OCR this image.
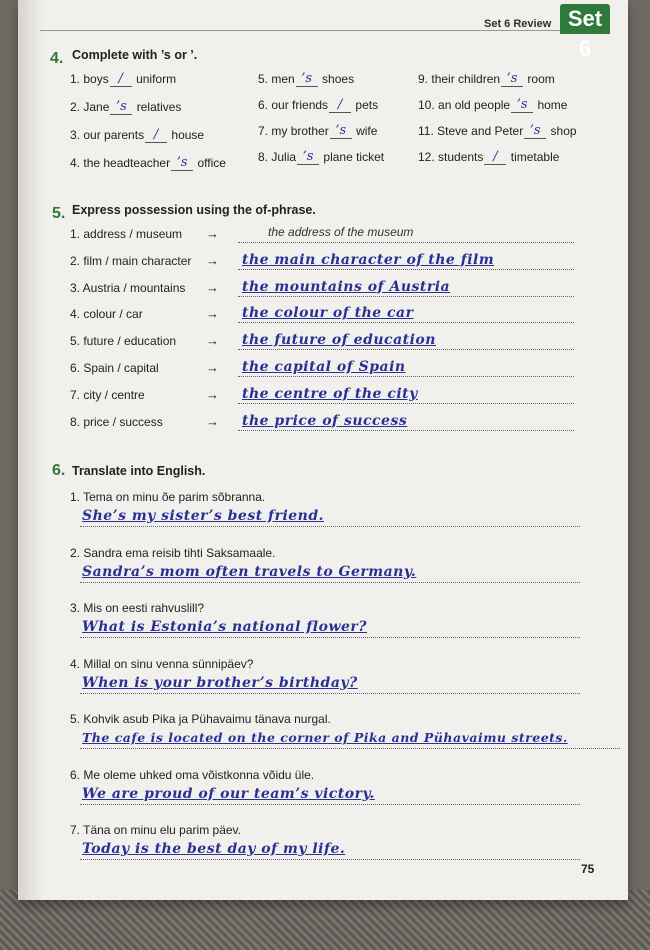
Set 6 Review Set 6
4. Complete with ’s or ’.
1. boys / uniform
2. Jane ’s relatives
3. our parents / house
4. the headteacher ’s office
5. men ’s shoes
6. our friends / pets
7. my brother ’s wife
8. Julia ’s plane ticket
9. their children ’s room
10. an old people ’s home
11. Steve and Peter ’s shop
12. students / timetable
5. Express possession using the of-phrase.
1. address / museum →	the address of the museum
2. film / main character → the main character of the film
3. Austria / mountains → the mountains of Austria
4. colour / car	→ the colour of the car
5. future / education → the future of education
6. Spain / capital	→ the capital of Spain
7. city / centre	→ the centre of the city
8. price / success	→ the price of success
6. Translate into English.
1. Tema on minu õe parim sõbranna.
She’s my sister’s best friend.
2. Sandra ema reisib tihti Saksamaale.
Sandra’s mom often travels to Germany.
3. Mis on eesti rahvuslill?
What is Estonia’s national flower?
4. Millal on sinu venna sünnipäev?
When is your brother’s birthday?
5. Kohvik asub Pika ja Pühavaimu tänava nurgal.
The cafe is located on the corner of Pika and Pühavaimu streets.
6. Me oleme uhked oma võistkonna võidu üle.
We are proud of our team’s victory.
7. Täna on minu elu parim päev.
Today is the best day of my life.
75
